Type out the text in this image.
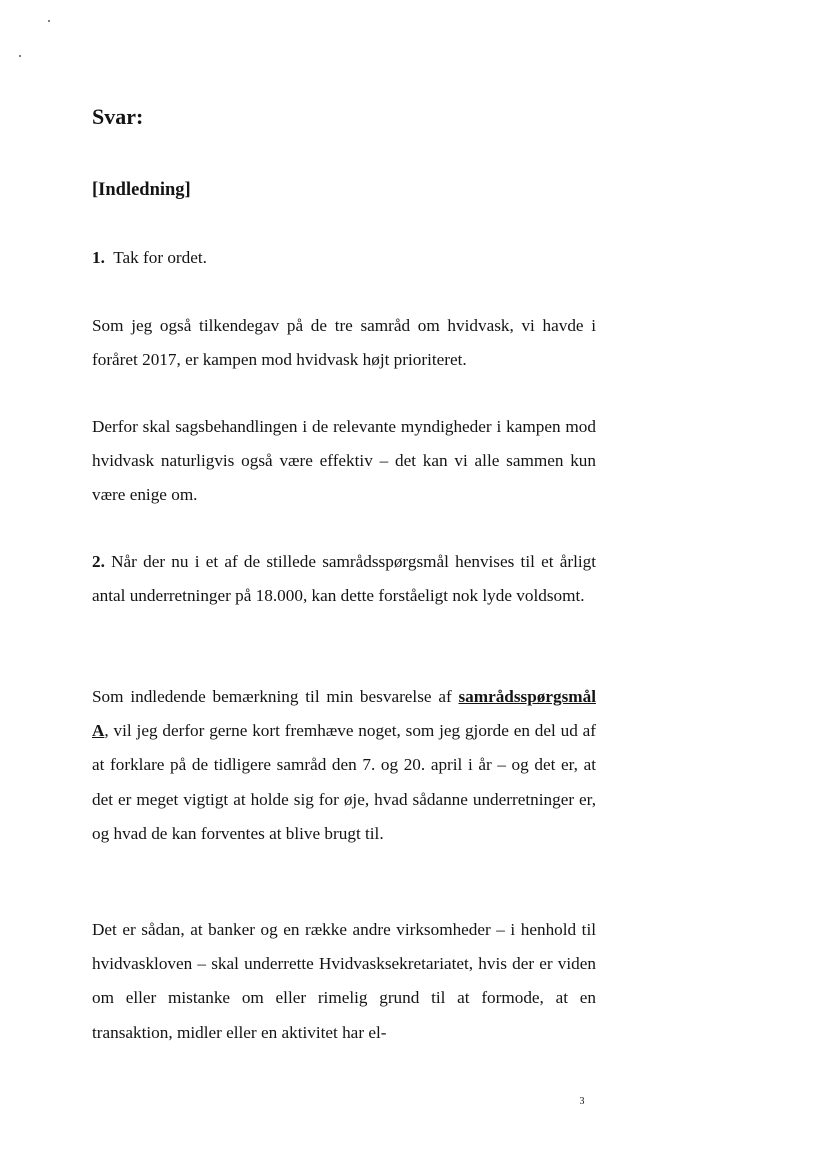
Svar:
[Indledning]

1. Tak for ordet.

Som jeg også tilkendegav på de tre samråd om hvidvask, vi havde i foråret 2017, er kampen mod hvidvask højt prioriteret.

Derfor skal sagsbehandlingen i de relevante myndigheder i kampen mod hvidvask naturligvis også være effektiv – det kan vi alle sammen kun være enige om.

2. Når der nu i et af de stillede samrådsspørgsmål henvises til et årligt antal underretninger på 18.000, kan dette forståeligt nok lyde voldsomt.

Som indledende bemærkning til min besvarelse af samrådsspørgsmål A, vil jeg derfor gerne kort fremhæve noget, som jeg gjorde en del ud af at forklare på de tidligere samråd den 7. og 20. april i år – og det er, at det er meget vigtigt at holde sig for øje, hvad sådanne underretninger er, og hvad de kan forventes at blive brugt til.

Det er sådan, at banker og en række andre virksomheder – i henhold til hvidvaskloven – skal underrette Hvidvasksekretariatet, hvis der er viden om eller mistanke om eller rimelig grund til at formode, at en transaktion, midler eller en aktivitet har el-

3
